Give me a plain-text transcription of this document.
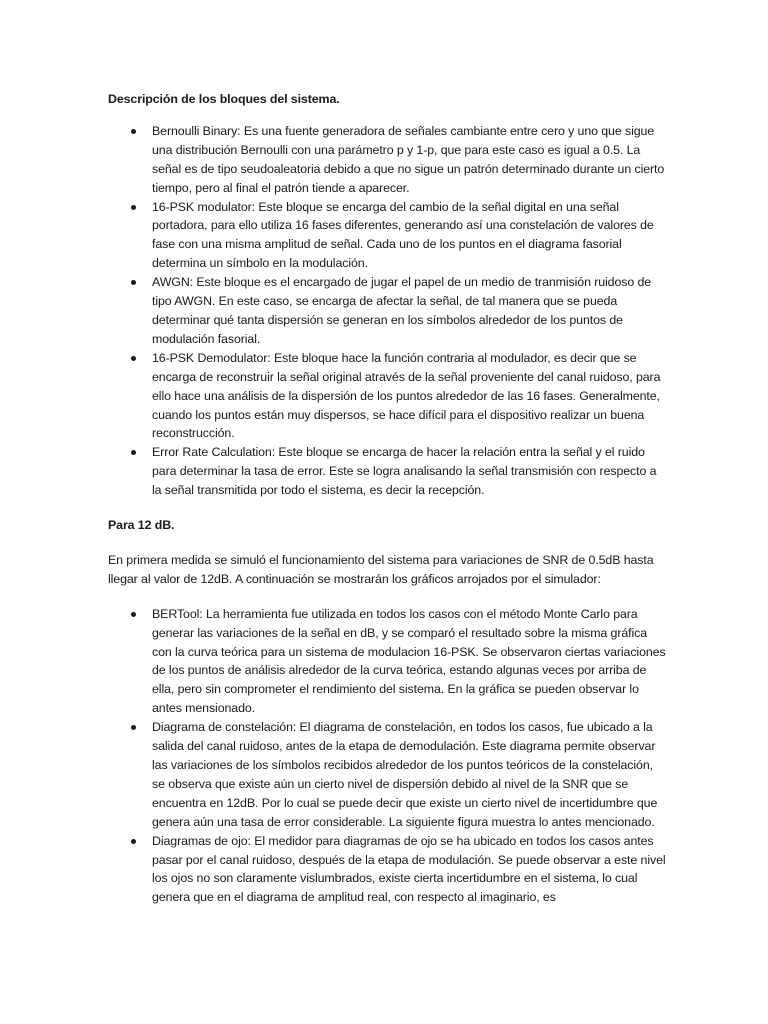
Descripción de los bloques del sistema.

Bernoulli Binary: Es una fuente generadora de señales cambiante entre cero y uno que sigue una distribución Bernoulli con una parámetro p y 1-p, que para este caso es igual a 0.5. La señal es de tipo seudoaleatoria debido a que no sigue un patrón determinado durante un cierto tiempo, pero al final el patrón tiende a aparecer.
16-PSK modulator: Este bloque se encarga del cambio de la señal digital en una señal portadora, para ello utiliza 16 fases diferentes, generando así una constelación de valores de fase con una misma amplitud de señal. Cada uno de los puntos en el diagrama fasorial determina un símbolo en la modulación.
AWGN: Este bloque es el encargado de jugar el papel de un medio de tranmisión ruidoso de tipo AWGN. En este caso, se encarga de afectar la señal, de tal manera que se pueda determinar qué tanta dispersión se generan en los símbolos alrededor de los puntos de modulación fasorial.
16-PSK Demodulator: Este bloque hace la función contraria al modulador, es decir que se encarga de reconstruir la señal original através de la señal proveniente del canal ruidoso, para ello hace una análisis de la dispersión de los puntos alrededor de las 16 fases. Generalmente, cuando los puntos están muy dispersos, se hace difícil para el dispositivo realizar un buena reconstrucción.
Error Rate Calculation: Este bloque se encarga de hacer la relación entra la señal y el ruido para determinar la tasa de error. Este se logra analisando la señal transmisión con respecto a la señal transmitida por todo el sistema, es decir la recepción.

Para 12 dB.

En primera medida se simuló el funcionamiento del sistema para variaciones de SNR de 0.5dB hasta llegar al valor de 12dB. A continuación se mostrarán los gráficos arrojados por el simulador:

BERTool: La herramienta fue utilizada en todos los casos con el método Monte Carlo para generar las variaciones de la señal en dB, y se comparó el resultado sobre la misma gráfica con la curva teórica para un sistema de modulacion 16-PSK. Se observaron ciertas variaciones de los puntos de análisis alrededor de la curva teórica, estando algunas veces por arriba de ella, pero sin comprometer el rendimiento del sistema. En la gráfica se pueden observar lo antes mensionado.
Diagrama de constelación: El diagrama de constelación, en todos los casos, fue ubicado a la salida del canal ruidoso, antes de la etapa de demodulación. Este diagrama permite observar las variaciones de los símbolos recibidos alrededor de los puntos teóricos de la constelación, se observa que existe aún un cierto nivel de dispersión debido al nivel de la SNR que se encuentra en 12dB. Por lo cual se puede decir que existe un cierto nivel de incertidumbre que genera aún una tasa de error considerable. La siguiente figura muestra lo antes mencionado.
Diagramas de ojo: El medidor para diagramas de ojo se ha ubicado en todos los casos antes pasar por el canal ruidoso, después de la etapa de modulación. Se puede observar a este nivel los ojos no son claramente vislumbrados, existe cierta incertidumbre en el sistema, lo cual genera que en el diagrama de amplitud real, con respecto al imaginario, es
